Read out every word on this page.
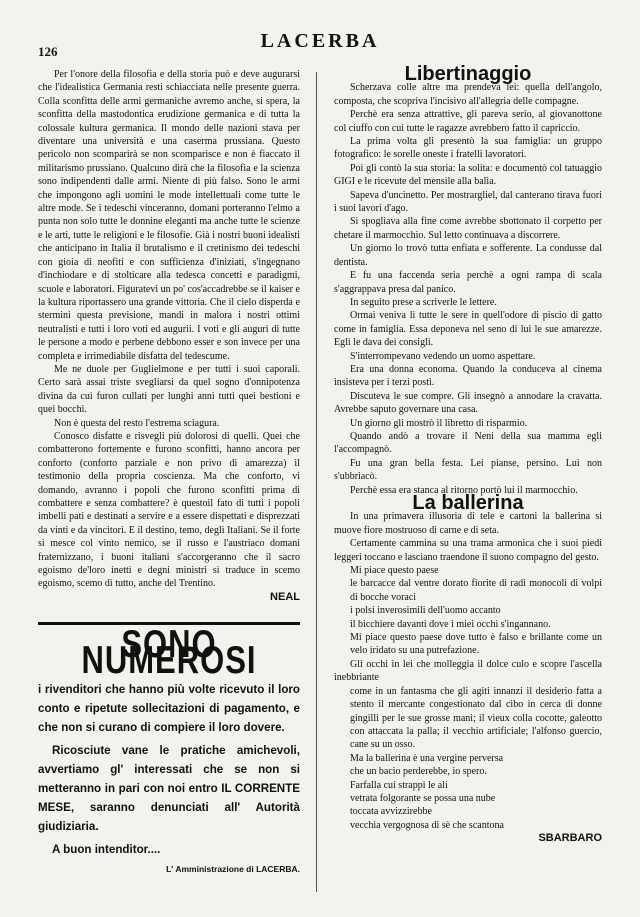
126	LACERBA

Per l'onore della filosofia e della storia può e deve augurarsi che l'idealistica Germania resti schiacciata nelle presente guerra. Colla sconfitta delle armi germaniche avremo anche, si spera, la sconfitta della mastodontica erudizione germanica e di tutta la colossale kultura germanica. Il mondo delle nazioni stava per diventare una università e una caserma prussiana. Questo pericolo non scomparirà se non scomparisce e non è fiaccato il militarismo prussiano. Qualcuno dirà che la filosofia e la scienza sono indipendenti dalle armi. Niente di più falso. Sono le armi che impongono agli uomini le mode intellettuali come tutte le altre mode. Se i tedeschi vinceranno, domani porteranno l'elmo a punta non solo tutte le donnine eleganti ma anche tutte le scienze e le arti, tutte le religioni e le filosofie. Già i nostri buoni idealisti che anticipano in Italia il brutalismo e il cretinismo dei tedeschi con gioia di neofiti e con sufficienza d'iniziati, s'ingegnano d'inchiodare e di stolticare alla tedesca concetti e paradigmi, scuole e laboratori. Figuratevi un po' cos'accadrebbe se il kaiser e la kultura riportassero una grande vittoria. Che il cielo disperda e stermini questa previsione, mandi in malora i nostri ottimi neutralisti e tutti i loro voti ed augurii. I voti e gli auguri di tutte le persone a modo e perbene debbono esser e son invece per una completa e irrimediabile disfatta del tedescume.

Me ne duole per Guglielmone e per tutti i suoi caporali. Certo sarà assai triste svegliarsi da quel sogno d'onnipotenza divina da cui furon cullati per lunghi anni tutti quei bestioni e quei bocchi.

Non è questa del resto l'estrema sciagura.

Conosco disfatte e risvegli più dolorosi di quelli. Quei che combatterono fortemente e furono sconfitti, hanno ancora per conforto (conforto parziale e non privo di amarezza) il testimonio della propria coscienza. Ma che conforto, vi domando, avranno i popoli che furono sconfitti prima di combattere e senza combattere? è questoil fato di tutti i popoli imbelli pati e destinati a servire e a essere dispettati e disprezzati da vinti e da vincitori. E il destino, temo, degli Italiani. Se il forte si mesce col vinto nemico, se il russo e l'austriaco domani fraternizzano, i buoni italiani s'accorgeranno che il sacro egoismo de'loro inetti e degni ministri si traduce in scemo egoismo, scemo di tutto, anche del Trentino.

NEAL

SONO NUMEROSI

i rivenditori che hanno più volte ricevuto il loro conto e ripetute sollecitazioni di pagamento, e che non si curano di compiere il loro dovere.

Ricosciute vane le pratiche amichevoli, avvertiamo gl' interessati che se non si metteranno in pari con noi entro IL CORRENTE MESE, saranno denunciati all' Autorità giudiziaria.

A buon intenditor....

L' Amministrazione di LACERBA.

Libertinaggio

Scherzava colle altre ma prendeva lei: quella dell'angolo, composta, che scopriva l'incisivo all'allegria delle compagne.

Perchè era senza attrattive, gli pareva serio, al giovanottone col ciuffo con cui tutte le ragazze avrebbero fatto il capriccio.

La prima volta gli presentò la sua famiglia: un gruppo fotografico: le sorelle oneste i fratelli lavoratori.

Poi gli contò la sua storia: la solita: e documentò col tatuaggio GIGI e le ricevute del mensile alla balia.

Sapeva d'uncinetto. Per mostrargliel, dal canterano tirava fuori i suoi lavori d'ago.

Si spogliava alla fine come avrebbe sbottonato il corpetto per chetare il marmocchio. Sul letto continuava a discorrere.

Un giorno lo trovò tutta enfiata e sofferente. La condusse dal dentista.

E fu una faccenda seria perchè a ogni rampa di scala s'aggrappava presa dal panico.

In seguito prese a scriverle le lettere.

Ormai veniva lì tutte le sere in quell'odore di piscio di gatto come in famiglia. Essa deponeva nel seno di lui le sue amarezze. Egli le dava dei consigli.

S'interrompevano vedendo un uomo aspettare.

Era una donna economa. Quando la conduceva al cinema insisteva per i terzi posti.

Discuteva le sue compre. Gli insegnò a annodare la cravatta. Avrebbe saputo governare una casa.

Un giorno gli mostrò il libretto di risparmio.

Quando andò a trovare il Neni della sua mamma egli l'accompagnò.

Fu una gran bella festa. Lei pianse, persino. Lui non s'ubbriacò.

Perchè essa era stanca al ritorno portò lui il marmocchio.

La ballerina

In una primavera illusoria di tele e cartoni la ballerina si muove fiore mostruoso di carne e di seta.

Certamente cammina su una trama armonica che i suoi piedi leggeri toccano e lasciano traendone il suono compagno del gesto.

Mi piace questo paese

le barcacce dal ventre dorato fiorite di radi monocoli di volpi di bocche voraci

i polsi inverosimili dell'uomo accanto

il bicchiere davanti dove i miei occhi s'ingannano.

Mi piace questo paese dove tutto è falso e brillante come un velo iridato su una putrefazione.

Gli occhi in lei che molleggia il dolce culo e scopre l'ascella inebbriante

come in un fantasma che gli agiti innanzi il desiderio fatta a stento il mercante congestionato dal cibo in cerca di donne gingilli per le sue grosse mani; il vieux colla cocotte, galeotto con attaccata la palla; il vecchio artificiale; l'alfonso guercio, cane su un osso.

Ma la ballerina è una vergine perversa

che un bacio perderebbe, io spero.

Farfalla cui strappi le ali

vetrata folgorante se possa una nube

toccata avvizzirebbe

vecchia vergognosa di sè che scantona

SBARBARO
